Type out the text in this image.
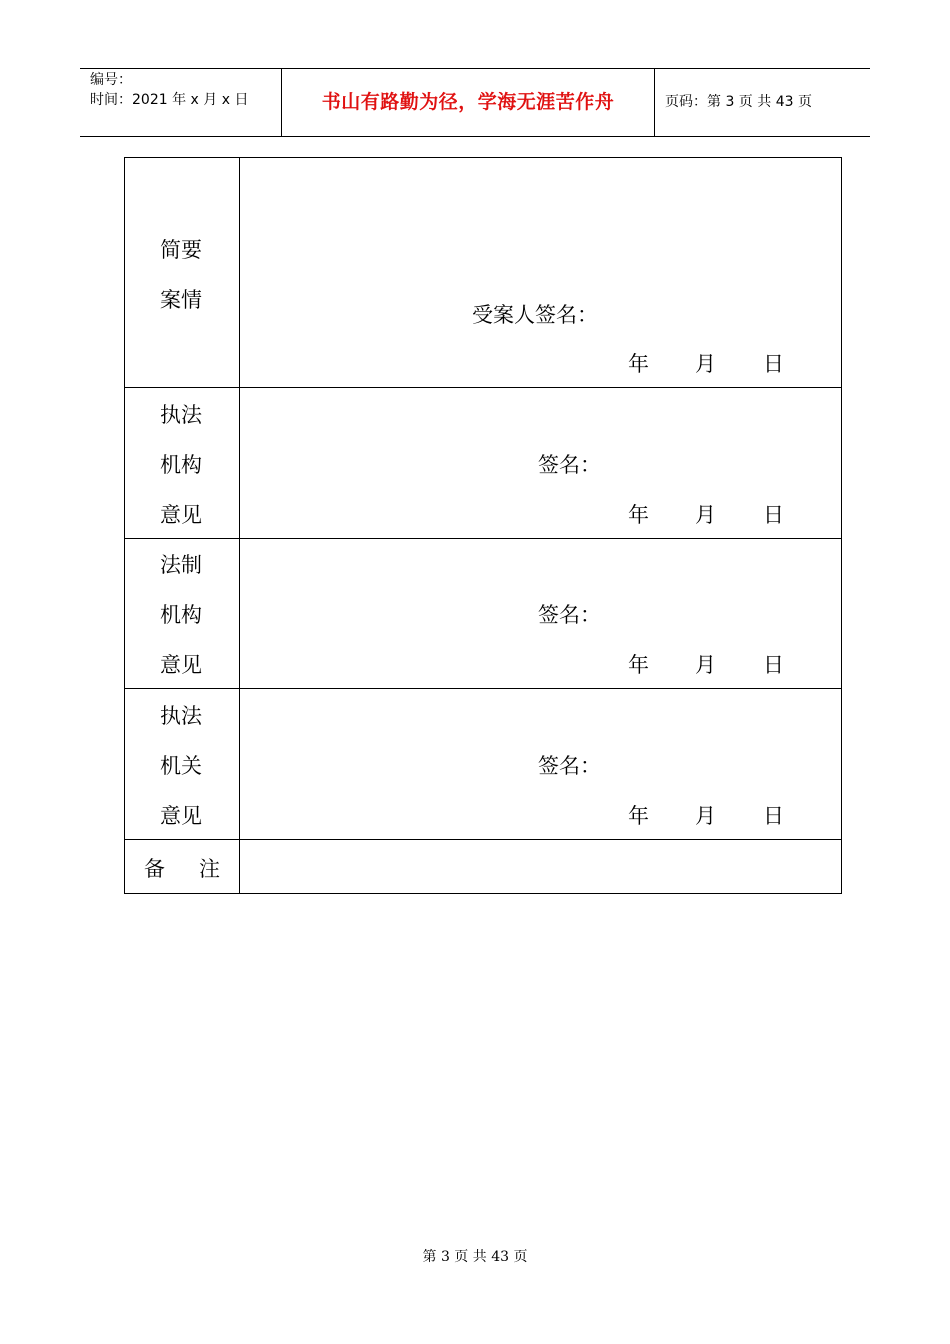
编号：
时间：2021 年 x 月 x 日	书山有路勤为径，学海无涯苦作舟	页码：第 3 页 共 43 页
简要
案情
受案人签名：
年 月 日
执法
机构
意见
签名：
年 月 日
法制
机构
意见
签名：
年 月 日
执法
机关
意见
签名：
年 月 日
备 注
第 3 页 共 43 页
